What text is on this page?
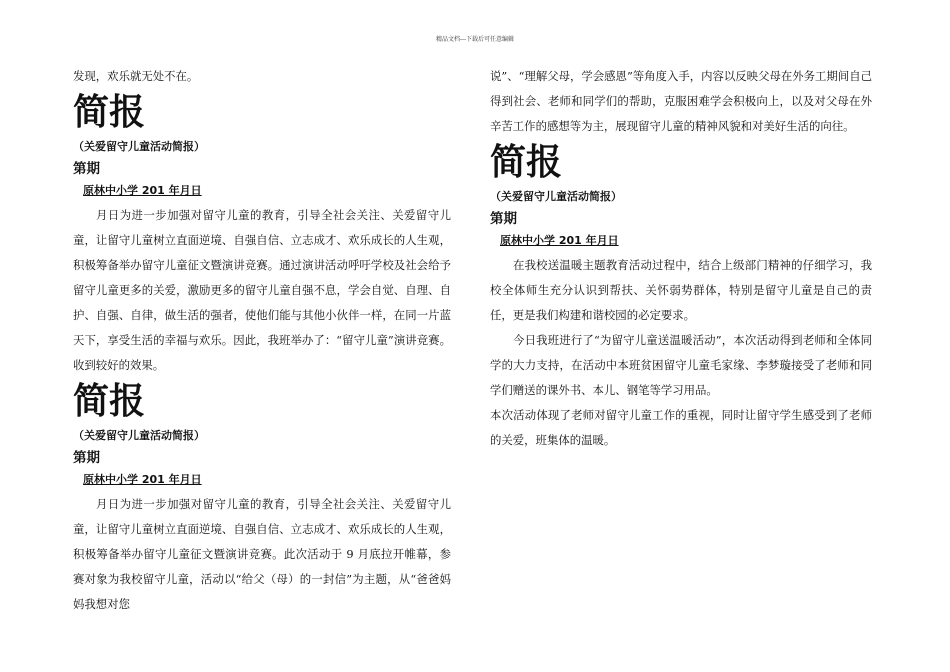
精品文档---下载后可任意编辑

发现，欢乐就无处不在。

简报
（关爱留守儿童活动简报）
第期
原林中小学 201 年月日

月日为进一步加强对留守儿童的教育，引导全社会关注、关爱留守儿童，让留守儿童树立直面逆境、自强自信、立志成才、欢乐成长的人生观，积极筹备举办留守儿童征文暨演讲竞赛。通过演讲活动呼吁学校及社会给予留守儿童更多的关爱，激励更多的留守儿童自强不息，学会自觉、自理、自护、自强、自律，做生活的强者，使他们能与其他小伙伴一样，在同一片蓝天下，享受生活的幸福与欢乐。因此，我班举办了：“留守儿童”演讲竞赛。收到较好的效果。

简报
（关爱留守儿童活动简报）
第期
原林中小学 201 年月日

月日为进一步加强对留守儿童的教育，引导全社会关注、关爱留守儿童，让留守儿童树立直面逆境、自强自信、立志成才、欢乐成长的人生观，积极筹备举办留守儿童征文暨演讲竞赛。此次活动于 9 月底拉开帷幕，参赛对象为我校留守儿童，活动以“给父（母）的一封信”为主题，从“爸爸妈妈我想对您

说”、“理解父母，学会感恩”等角度入手，内容以反映父母在外务工期间自己得到社会、老师和同学们的帮助，克服困难学会积极向上，以及对父母在外辛苦工作的感想等为主，展现留守儿童的精神风貌和对美好生活的向往。

简报
（关爱留守儿童活动简报）
第期
原林中小学 201 年月日

在我校送温暖主题教育活动过程中，结合上级部门精神的仔细学习，我校全体师生充分认识到帮扶、关怀弱势群体，特别是留守儿童是自己的责任，更是我们构建和谐校园的必定要求。

今日我班进行了“为留守儿童送温暖活动”，本次活动得到老师和全体同学的大力支持，在活动中本班贫困留守儿童毛家缘、李梦璇接受了老师和同学们赠送的课外书、本儿、钢笔等学习用品。

本次活动体现了老师对留守儿童工作的重视，同时让留守学生感受到了老师的关爱，班集体的温暖。
